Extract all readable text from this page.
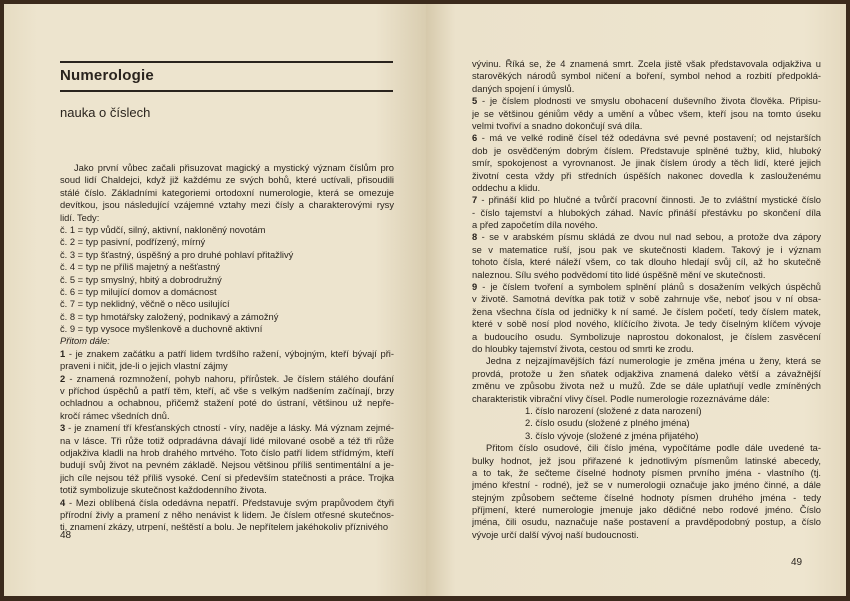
Numerologie
nauka o číslech
Jako první vůbec začali přisuzovat magický a mystický význam číslům pro
soud lidí Chaldejci, když již každému ze svých bohů, které uctívali, přisoudili
stálé číslo. Základními kategoriemi ortodoxní numerologie, která se omezuje
devítkou, jsou následující vzájemné vztahy mezi čísly a charakterovými rysy
lidí. Tedy:
č. 1 = typ vůdčí, silný, aktivní, nakloněný novotám
č. 2 = typ pasivní, podřízený, mírný
č. 3 = typ šťastný, úspěšný a pro druhé pohlaví přitažlivý
č. 4 = typ ne příliš majetný a nešťastný
č. 5 = typ smyslný, hbitý a dobrodružný
č. 6 = typ milující domov a domácnost
č. 7 = typ neklidný, věčně o něco usilující
č. 8 = typ hmotářsky založený, podnikavý a zámožný
č. 9 = typ vysoce myšlenkově a duchovně aktivní
Přitom dále:
1 - je znakem začátku a patří lidem tvrdšího ražení, výbojným, kteří bývají při-
praveni i ničit, jde-li o jejich vlastní zájmy
2 - znamená rozmnožení, pohyb nahoru, přírůstek. Je číslem stálého doufání
v příchod úspěchů a patří těm, kteří, ač vše s velkým nadšením začínají, brzy
ochladnou a ochabnou, přičemž stažení poté do ústraní, většinou už nepře-
kročí rámec všedních dnů.
3 - je znamení tří křesťanských ctností - víry, naděje a lásky. Má význam zejmé-
na v lásce. Tři růže totiž odpradávna dávají lidé milované osobě a též tři růže
odjakživa kladli na hrob drahého mrtvého. Toto číslo patří lidem střídmým, kteří
budují svůj život na pevném základě. Nejsou většinou příliš sentimentální a je-
jich cíle nejsou též příliš vysoké. Cení si především statečnosti a práce. Trojka
totiž symbolizuje skutečnost každodenního života.
4 - Mezi oblíbená čísla odedávna nepatří. Představuje svým prapůvodem čtyři
přírodní živly a pramení z něho nenávist k lidem. Je číslem otřesné skutečnos-
ti, znamení zkázy, utrpení, neštěstí a bolu. Je nepřítelem jakéhokoliv příznivého
48
vývinu. Říká se, že 4 znamená smrt. Zcela jistě však představovala odjakživa u
starověkých národů symbol ničení a boření, symbol nehod a rozbití předpoklá-
daných spojení i úmyslů.
5 - je číslem plodnosti ve smyslu obohacení duševního života člověka. Připisu-
je se většinou géniům vědy a umění a vůbec všem, kteří jsou na tomto úseku
velmi tvořiví a snadno dokončují svá díla.
6 - má ve velké rodině čísel též odedávna své pevné postavení; od nejstarších
dob je osvědčeným dobrým číslem. Představuje splněné tužby, klid, hluboký
smír, spokojenost a vyrovnanost. Je jinak číslem úrody a těch lidí, které jejich
životní cesta vždy při středních úspěších nakonec dovedla k zaslouženému
oddechu a klidu.
7 - přináší klid po hlučné a tvůrčí pracovní činnosti. Je to zvláštní mystické číslo
- číslo tajemství a hlubokých záhad. Navíc přináší přestávku po skončení díla
a před započetím díla nového.
8 - se v arabském písmu skládá ze dvou nul nad sebou, a protože dva zápory
se v matematice ruší, jsou pak ve skutečnosti kladem. Takový je i význam
tohoto čísla, které náleží všem, co tak dlouho hledají svůj cíl, až ho skutečně
naleznou. Sílu svého podvědomí tito lidé úspěšně mění ve skutečnosti.
9 - je číslem tvoření a symbolem splnění plánů s dosažením velkých úspěchů
v životě. Samotná devítka pak totiž v sobě zahrnuje vše, neboť jsou v ní obsa-
žena všechna čísla od jedničky k ní samé. Je číslem početí, tedy číslem matek,
které v sobě nosí plod nového, klíčícího života. Je tedy číselným klíčem vývoje
a budoucího osudu. Symbolizuje naprostou dokonalost, je číslem zasvěcení
do hloubky tajemství života, cestou od smrti ke zrodu.
Jedna z nejzajímavějších fází numerologie je změna jména u ženy, která se
provdá, protože u žen sňatek odjakživa znamená daleko větší a závažnější
změnu ve způsobu života než u mužů. Zde se dále uplatňují vedle zmíněných
charakteristik vibrační vlivy čísel. Podle numerologie rozeznáváme dále:
1. číslo narození (složené z data narození)
2. číslo osudu (složené z plného jména)
3. číslo vývoje (složené z jména přijatého)
Přitom číslo osudové, čili číslo jména, vypočítáme podle dále uvedené ta-
bulky hodnot, jež jsou přiřazené k jednotlivým písmenům latinské abecedy,
a to tak, že sečteme číselné hodnoty písmen prvního jména - vlastního (tj.
jméno křestní - rodné), jež se v numerologii označuje jako jméno činné, a dále
stejným způsobem sečteme číselné hodnoty písmen druhého jména - tedy
příjmení, které numerologie jmenuje jako dědičné nebo rodové jméno. Číslo
jména, čili osudu, naznačuje naše postavení a pravděpodobný postup, a číslo
vývoje určí další vývoj naší budoucnosti.
49
